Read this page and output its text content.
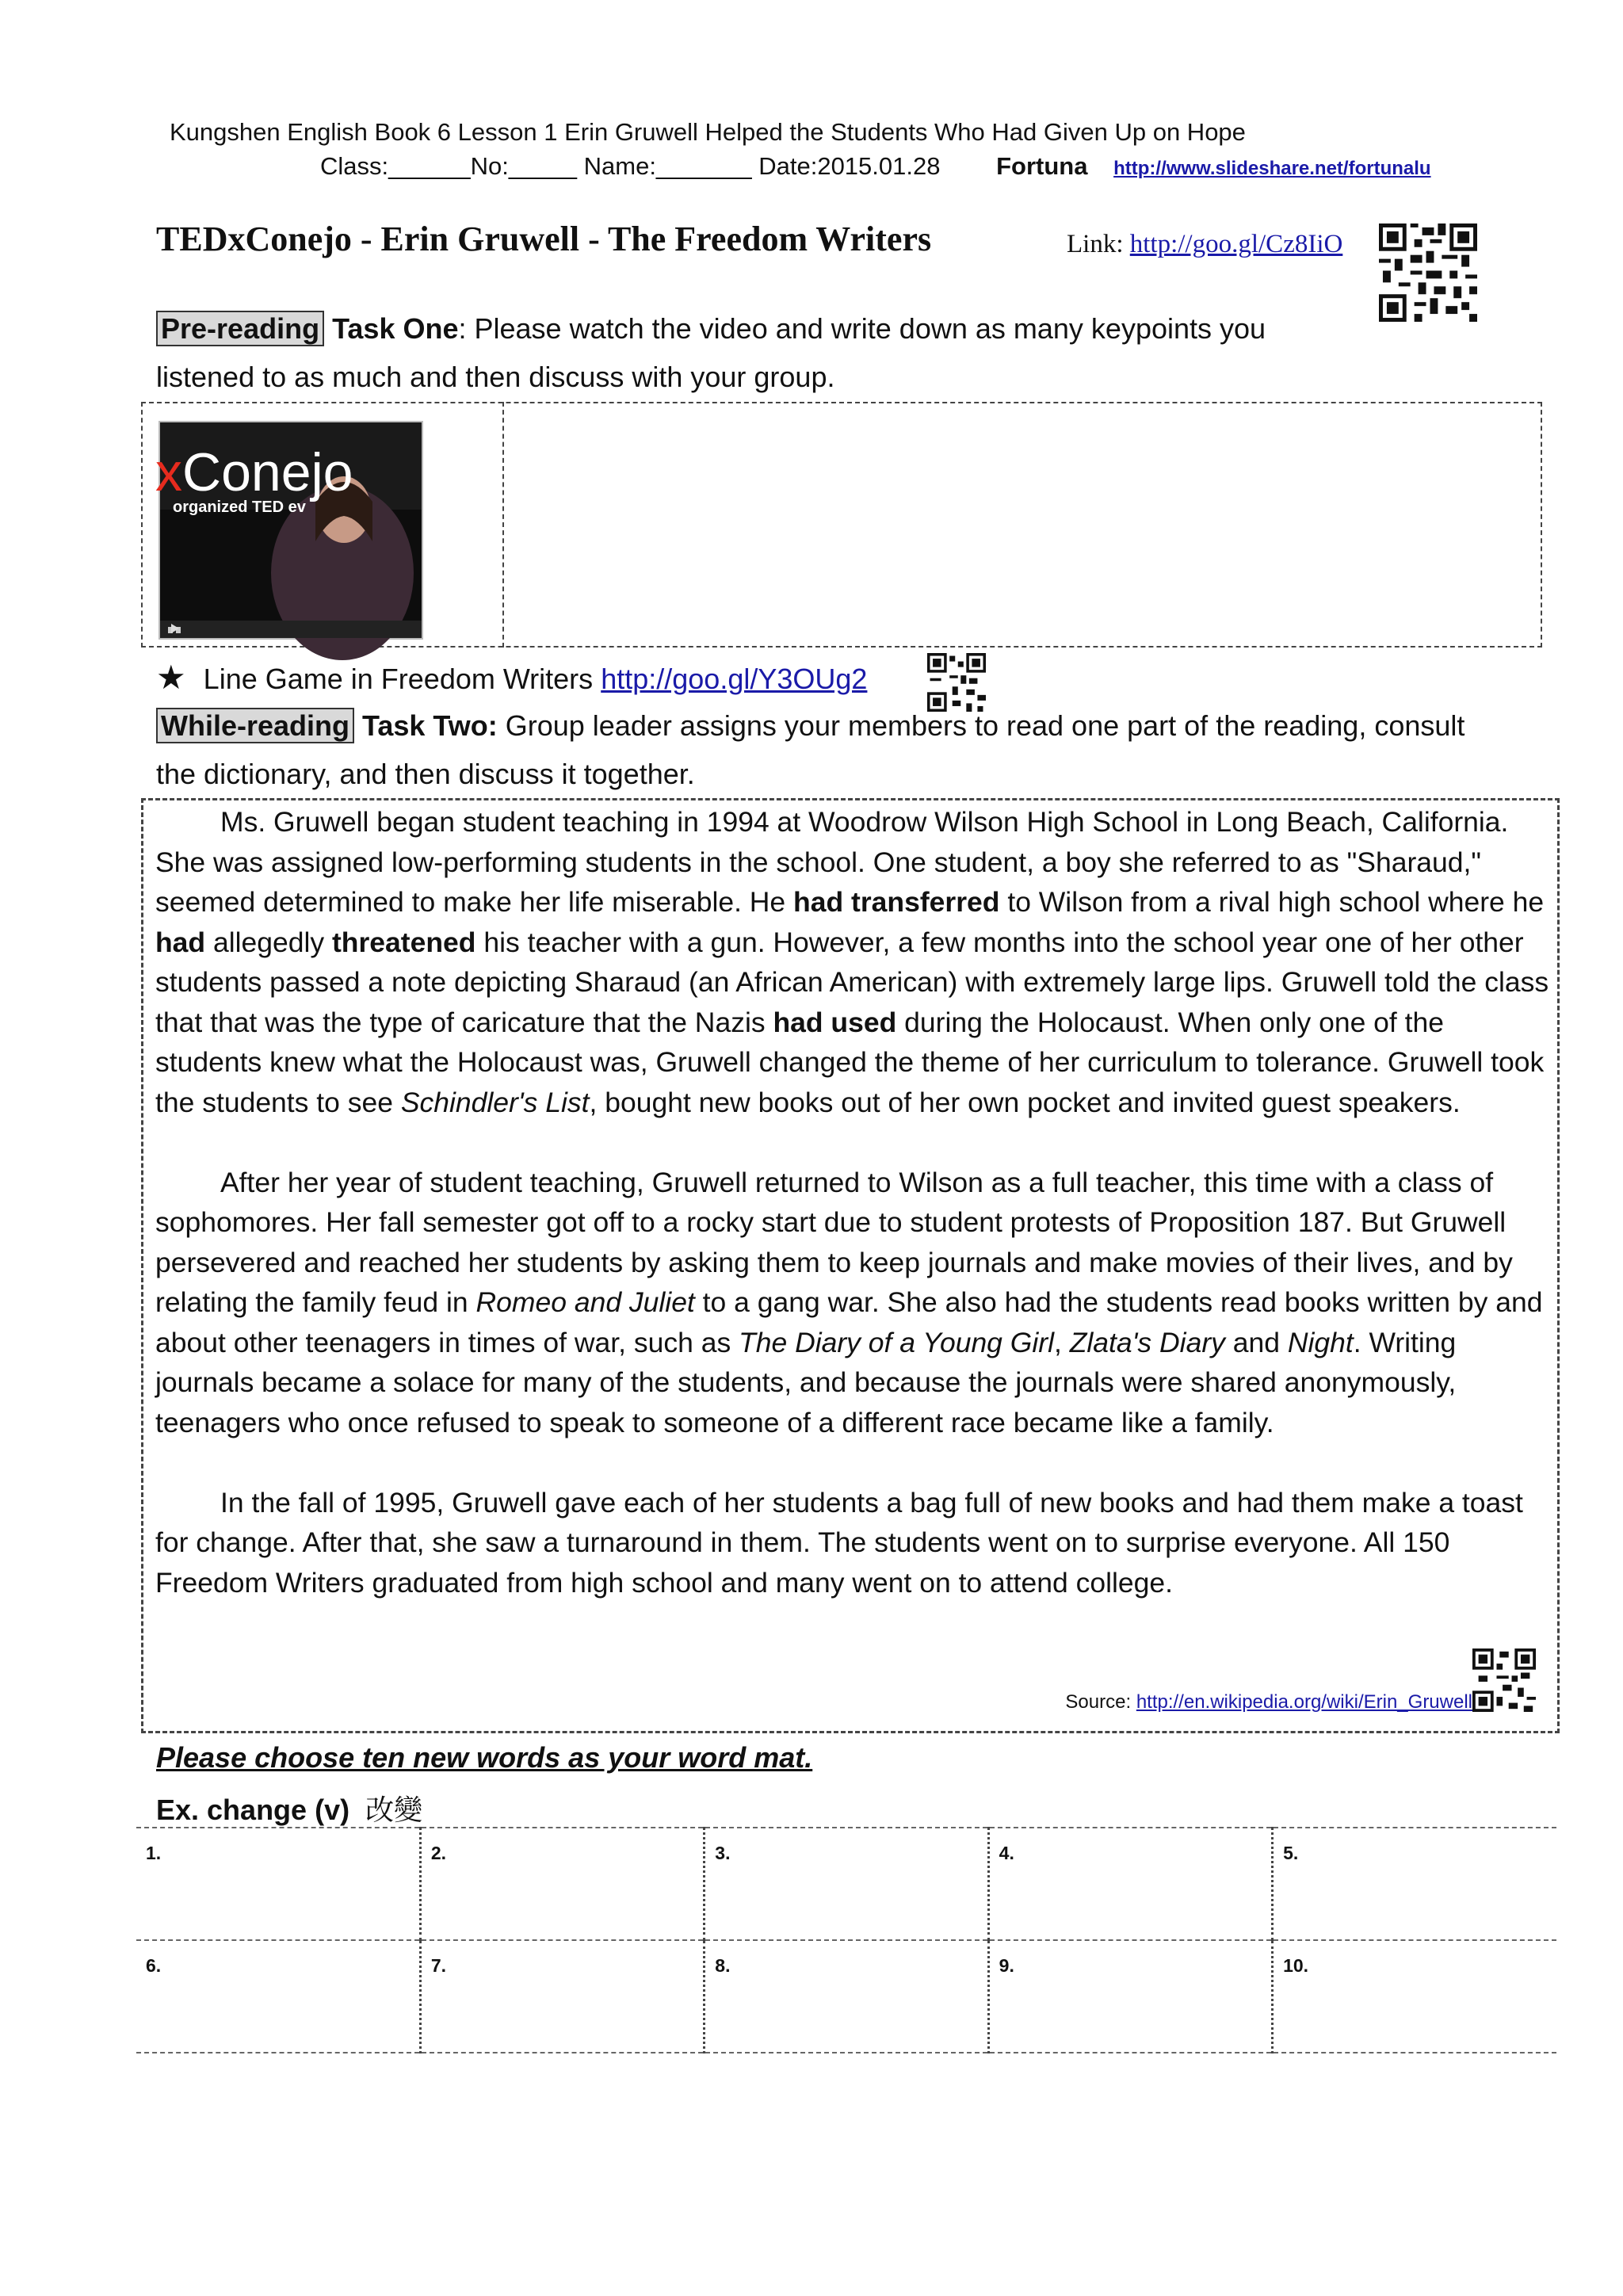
Kungshen English Book 6 Lesson 1 Erin Gruwell Helped the Students Who Had Given Up on Hope
Class:______No:_____ Name:_______ Date:2015.01.28 Fortuna http://www.slideshare.net/fortunalu
TEDxConejo - Erin Gruwell - The Freedom Writers	Link: http://goo.gl/Cz8IiO
Pre-reading Task One: Please watch the video and write down as many keypoints you
listened to as much and then discuss with your group.
xConejo
organized TED ev
★ Line Game in Freedom Writers http://goo.gl/Y3OUg2
While-reading Task Two: Group leader assigns your members to read one part of the reading, consult
the dictionary, and then discuss it together.

Ms. Gruwell began student teaching in 1994 at Woodrow Wilson High School in Long Beach, California. She was assigned low-performing students in the school. One student, a boy she referred to as "Sharaud," seemed determined to make her life miserable. He had transferred to Wilson from a rival high school where he had allegedly threatened his teacher with a gun. However, a few months into the school year one of her other students passed a note depicting Sharaud (an African American) with extremely large lips. Gruwell told the class that that was the type of caricature that the Nazis had used during the Holocaust. When only one of the students knew what the Holocaust was, Gruwell changed the theme of her curriculum to tolerance. Gruwell took the students to see Schindler's List, bought new books out of her own pocket and invited guest speakers.

After her year of student teaching, Gruwell returned to Wilson as a full teacher, this time with a class of sophomores. Her fall semester got off to a rocky start due to student protests of Proposition 187. But Gruwell persevered and reached her students by asking them to keep journals and make movies of their lives, and by relating the family feud in Romeo and Juliet to a gang war. She also had the students read books written by and about other teenagers in times of war, such as The Diary of a Young Girl, Zlata's Diary and Night. Writing journals became a solace for many of the students, and because the journals were shared anonymously, teenagers who once refused to speak to someone of a different race became like a family.

In the fall of 1995, Gruwell gave each of her students a bag full of new books and had them make a toast for change. After that, she saw a turnaround in them. The students went on to surprise everyone. All 150 Freedom Writers graduated from high school and many went on to attend college.

Source: http://en.wikipedia.org/wiki/Erin_Gruwell
Please choose ten new words as your word mat.
Ex. change (v) 改變
1.	2.	3.	4.	5.
6.	7.	8.	9.	10.
